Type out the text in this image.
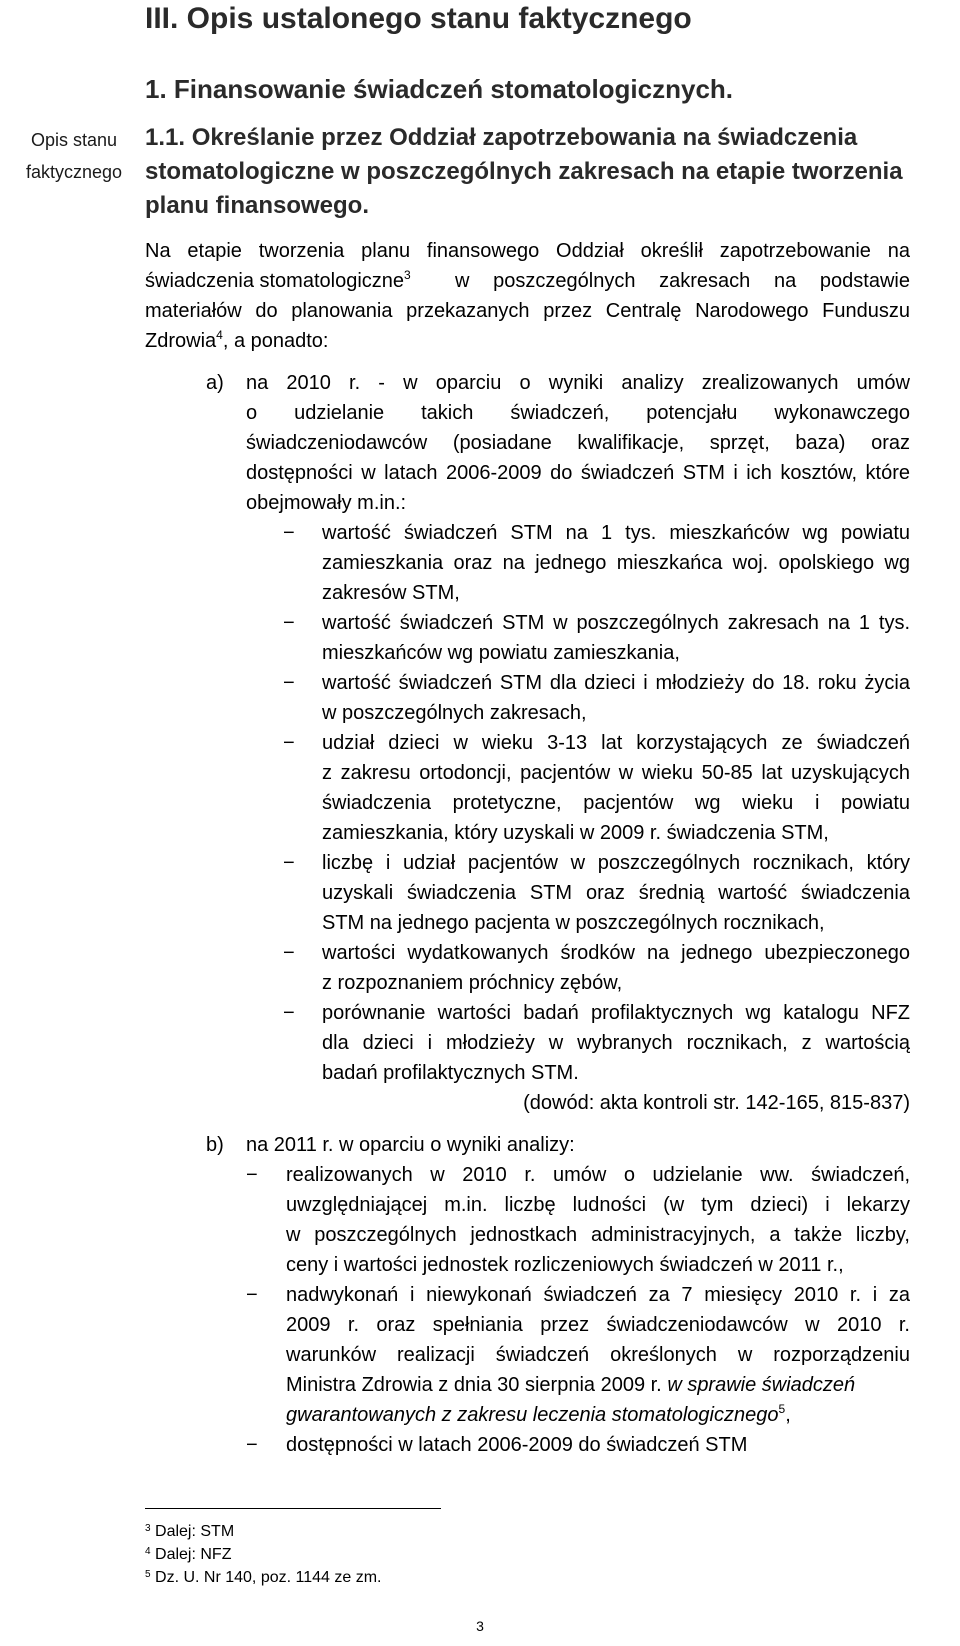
III. Opis ustalonego stanu faktycznego
1. Finansowanie świadczeń stomatologicznych.
1.1. Określanie przez Oddział zapotrzebowania na świadczenia
stomatologiczne w poszczególnych zakresach na etapie tworzenia
planu finansowego.
Opis stanu
faktycznego
Na etapie tworzenia planu finansowego Oddział określił zapotrzebowanie na
świadczenia stomatologiczne$^3$ w poszczególnych zakresach na podstawie
materiałów do planowania przekazanych przez Centralę Narodowego Funduszu
Zdrowia$^4$, a ponadto:
a) na 2010 r. - w oparciu o wyniki analizy zrealizowanych umów
o udzielanie takich świadczeń, potencjału wykonawczego
świadczeniodawców (posiadane kwalifikacje, sprzęt, baza) oraz
dostępności w latach 2006-2009 do świadczeń STM i ich kosztów, które
obejmowały m.in.:
− wartość świadczeń STM na 1 tys. mieszkańców wg powiatu
zamieszkania oraz na jednego mieszkańca woj. opolskiego wg
zakresów STM,
− wartość świadczeń STM w poszczególnych zakresach na 1 tys.
mieszkańców wg powiatu zamieszkania,
− wartość świadczeń STM dla dzieci i młodzieży do 18. roku życia
w poszczególnych zakresach,
− udział dzieci w wieku 3-13 lat korzystających ze świadczeń
z zakresu ortodoncji, pacjentów w wieku 50-85 lat uzyskujących
świadczenia protetyczne, pacjentów wg wieku i powiatu
zamieszkania, który uzyskali w 2009 r. świadczenia STM,
− liczbę i udział pacjentów w poszczególnych rocznikach, który
uzyskali świadczenia STM oraz średnią wartość świadczenia
STM na jednego pacjenta w poszczególnych rocznikach,
− wartości wydatkowanych środków na jednego ubezpieczonego
z rozpoznaniem próchnicy zębów,
− porównanie wartości badań profilaktycznych wg katalogu NFZ
dla dzieci i młodzieży w wybranych rocznikach, z wartością
badań profilaktycznych STM.
(dowód: akta kontroli str. 142-165, 815-837)
b) na 2011 r. w oparciu o wyniki analizy:
− realizowanych w 2010 r. umów o udzielanie ww. świadczeń,
uwzględniającej m.in. liczbę ludności (w tym dzieci) i lekarzy
w poszczególnych jednostkach administracyjnych, a także liczby,
ceny i wartości jednostek rozliczeniowych świadczeń w 2011 r.,
− nadwykonań i niewykonań świadczeń za 7 miesięcy 2010 r. i za
2009 r. oraz spełniania przez świadczeniodawców w 2010 r.
warunków realizacji świadczeń określonych w rozporządzeniu
Ministra Zdrowia z dnia 30 sierpnia 2009 r. w sprawie świadczeń
gwarantowanych z zakresu leczenia stomatologicznego$^5$,
− dostępności w latach 2006-2009 do świadczeń STM
$^3$ Dalej: STM
$^4$ Dalej: NFZ
$^5$ Dz. U. Nr 140, poz. 1144 ze zm.
3
